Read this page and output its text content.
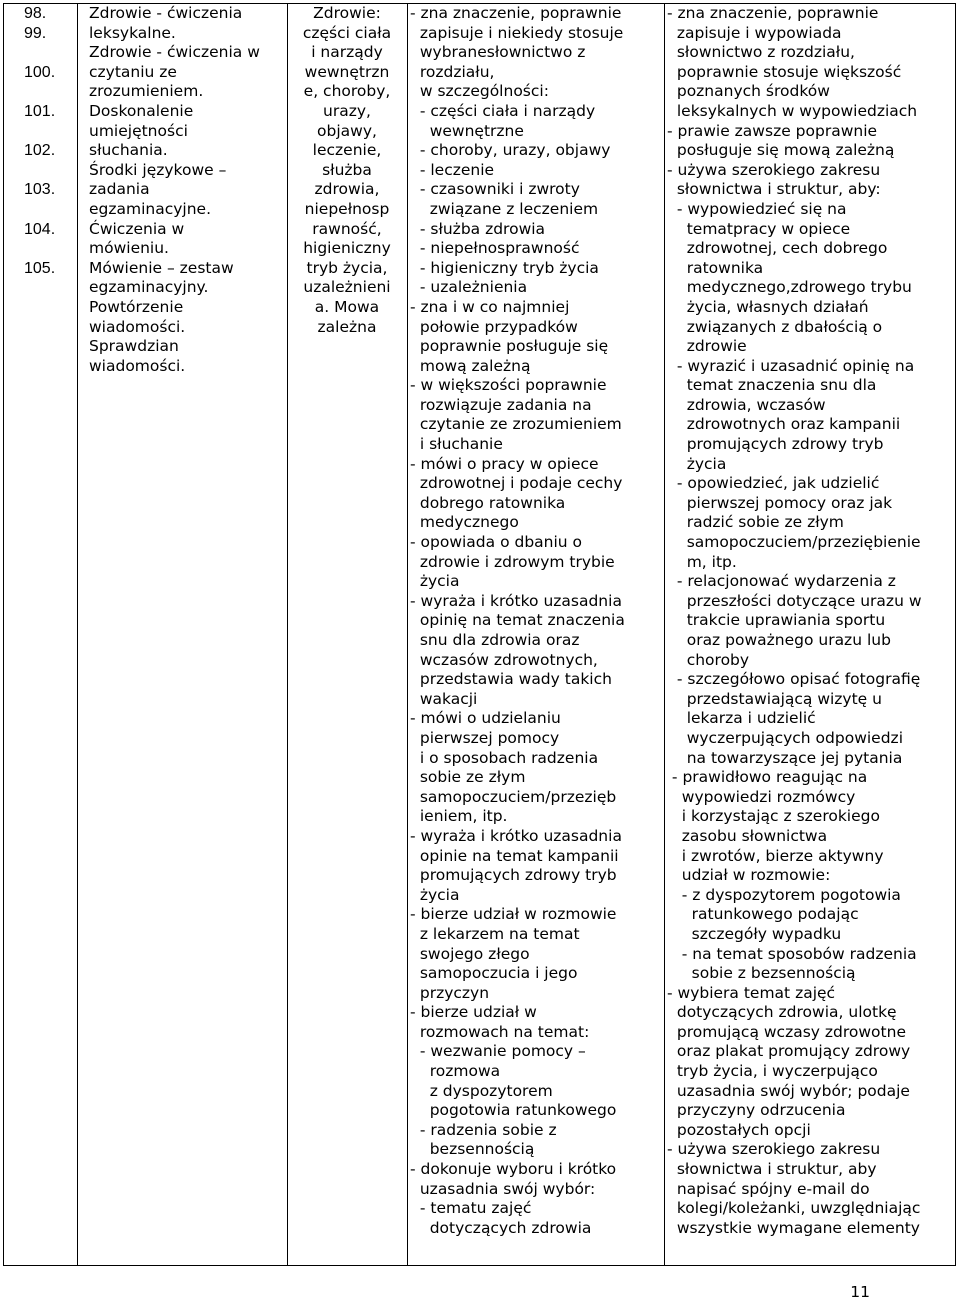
98.
99.

100.

101.

102.

103.

104.

105.
Zdrowie - ćwiczenia
leksykalne.
Zdrowie - ćwiczenia w
czytaniu ze
zrozumieniem.
Doskonalenie
umiejętności
słuchania.
Środki językowe –
zadania
egzaminacyjne.
Ćwiczenia w
mówieniu.
Mówienie – zestaw
egzaminacyjny.
Powtórzenie
wiadomości.
Sprawdzian
wiadomości.
Zdrowie:
części ciała
i narządy
wewnętrzn
e, choroby,
urazy,
objawy,
leczenie,
służba
zdrowia,
niepełnosp
rawność,
higieniczny
tryb życia,
uzależnieni
a. Mowa
zależna
- zna znaczenie, poprawnie
zapisuje i niekiedy stosuje
wybranesłownictwo z
rozdziału,
w szczególności:
- części ciała i narządy
wewnętrzne
- choroby, urazy, objawy
- leczenie
- czasowniki i zwroty
związane z leczeniem
- służba zdrowia
- niepełnosprawność
- higieniczny tryb życia
- uzależnienia
- zna i w co najmniej
połowie przypadków
poprawnie posługuje się
mową zależną
- w większości poprawnie
rozwiązuje zadania na
czytanie ze zrozumieniem
i słuchanie
- mówi o pracy w opiece
zdrowotnej i podaje cechy
dobrego ratownika
medycznego
- opowiada o dbaniu o
zdrowie i zdrowym trybie
życia
- wyraża i krótko uzasadnia
opinię na temat znaczenia
snu dla zdrowia oraz
wczasów zdrowotnych,
przedstawia wady takich
wakacji
- mówi o udzielaniu
pierwszej pomocy
i o sposobach radzenia
sobie ze złym
samopoczuciem/przezięb
ieniem, itp.
- wyraża i krótko uzasadnia
opinie na temat kampanii
promujących zdrowy tryb
życia
- bierze udział w rozmowie
z lekarzem na temat
swojego złego
samopoczucia i jego
przyczyn
- bierze udział w
rozmowach na temat:
- wezwanie pomocy –
rozmowa
z dyspozytorem
pogotowia ratunkowego
- radzenia sobie z
bezsennością
- dokonuje wyboru i krótko
uzasadnia swój wybór:
- tematu zajęć
dotyczących zdrowia
- zna znaczenie, poprawnie
zapisuje i wypowiada
słownictwo z rozdziału,
poprawnie stosuje większość
poznanych środków
leksykalnych w wypowiedziach
- prawie zawsze poprawnie
posługuje się mową zależną
- używa szerokiego zakresu
słownictwa i struktur, aby:
- wypowiedzieć się na
tematpracy w opiece
zdrowotnej, cech dobrego
ratownika
medycznego,zdrowego trybu
życia, własnych działań
związanych z dbałością o
zdrowie
- wyrazić i uzasadnić opinię na
temat znaczenia snu dla
zdrowia, wczasów
zdrowotnych oraz kampanii
promujących zdrowy tryb
życia
- opowiedzieć, jak udzielić
pierwszej pomocy oraz jak
radzić sobie ze złym
samopoczuciem/przeziębienie
m, itp.
- relacjonować wydarzenia z
przeszłości dotyczące urazu w
trakcie uprawiania sportu
oraz poważnego urazu lub
choroby
- szczegółowo opisać fotografię
przedstawiającą wizytę u
lekarza i udzielić
wyczerpujących odpowiedzi
na towarzyszące jej pytania
- prawidłowo reagując na
wypowiedzi rozmówcy
i korzystając z szerokiego
zasobu słownictwa
i zwrotów, bierze aktywny
udział w rozmowie:
- z dyspozytorem pogotowia
ratunkowego podając
szczegóły wypadku
- na temat sposobów radzenia
sobie z bezsennością
- wybiera temat zajęć
dotyczących zdrowia, ulotkę
promującą wczasy zdrowotne
oraz plakat promujący zdrowy
tryb życia, i wyczerpująco
uzasadnia swój wybór; podaje
przyczyny odrzucenia
pozostałych opcji
- używa szerokiego zakresu
słownictwa i struktur, aby
napisać spójny e-mail do
kolegi/koleżanki, uwzględniając
wszystkie wymagane elementy
11
